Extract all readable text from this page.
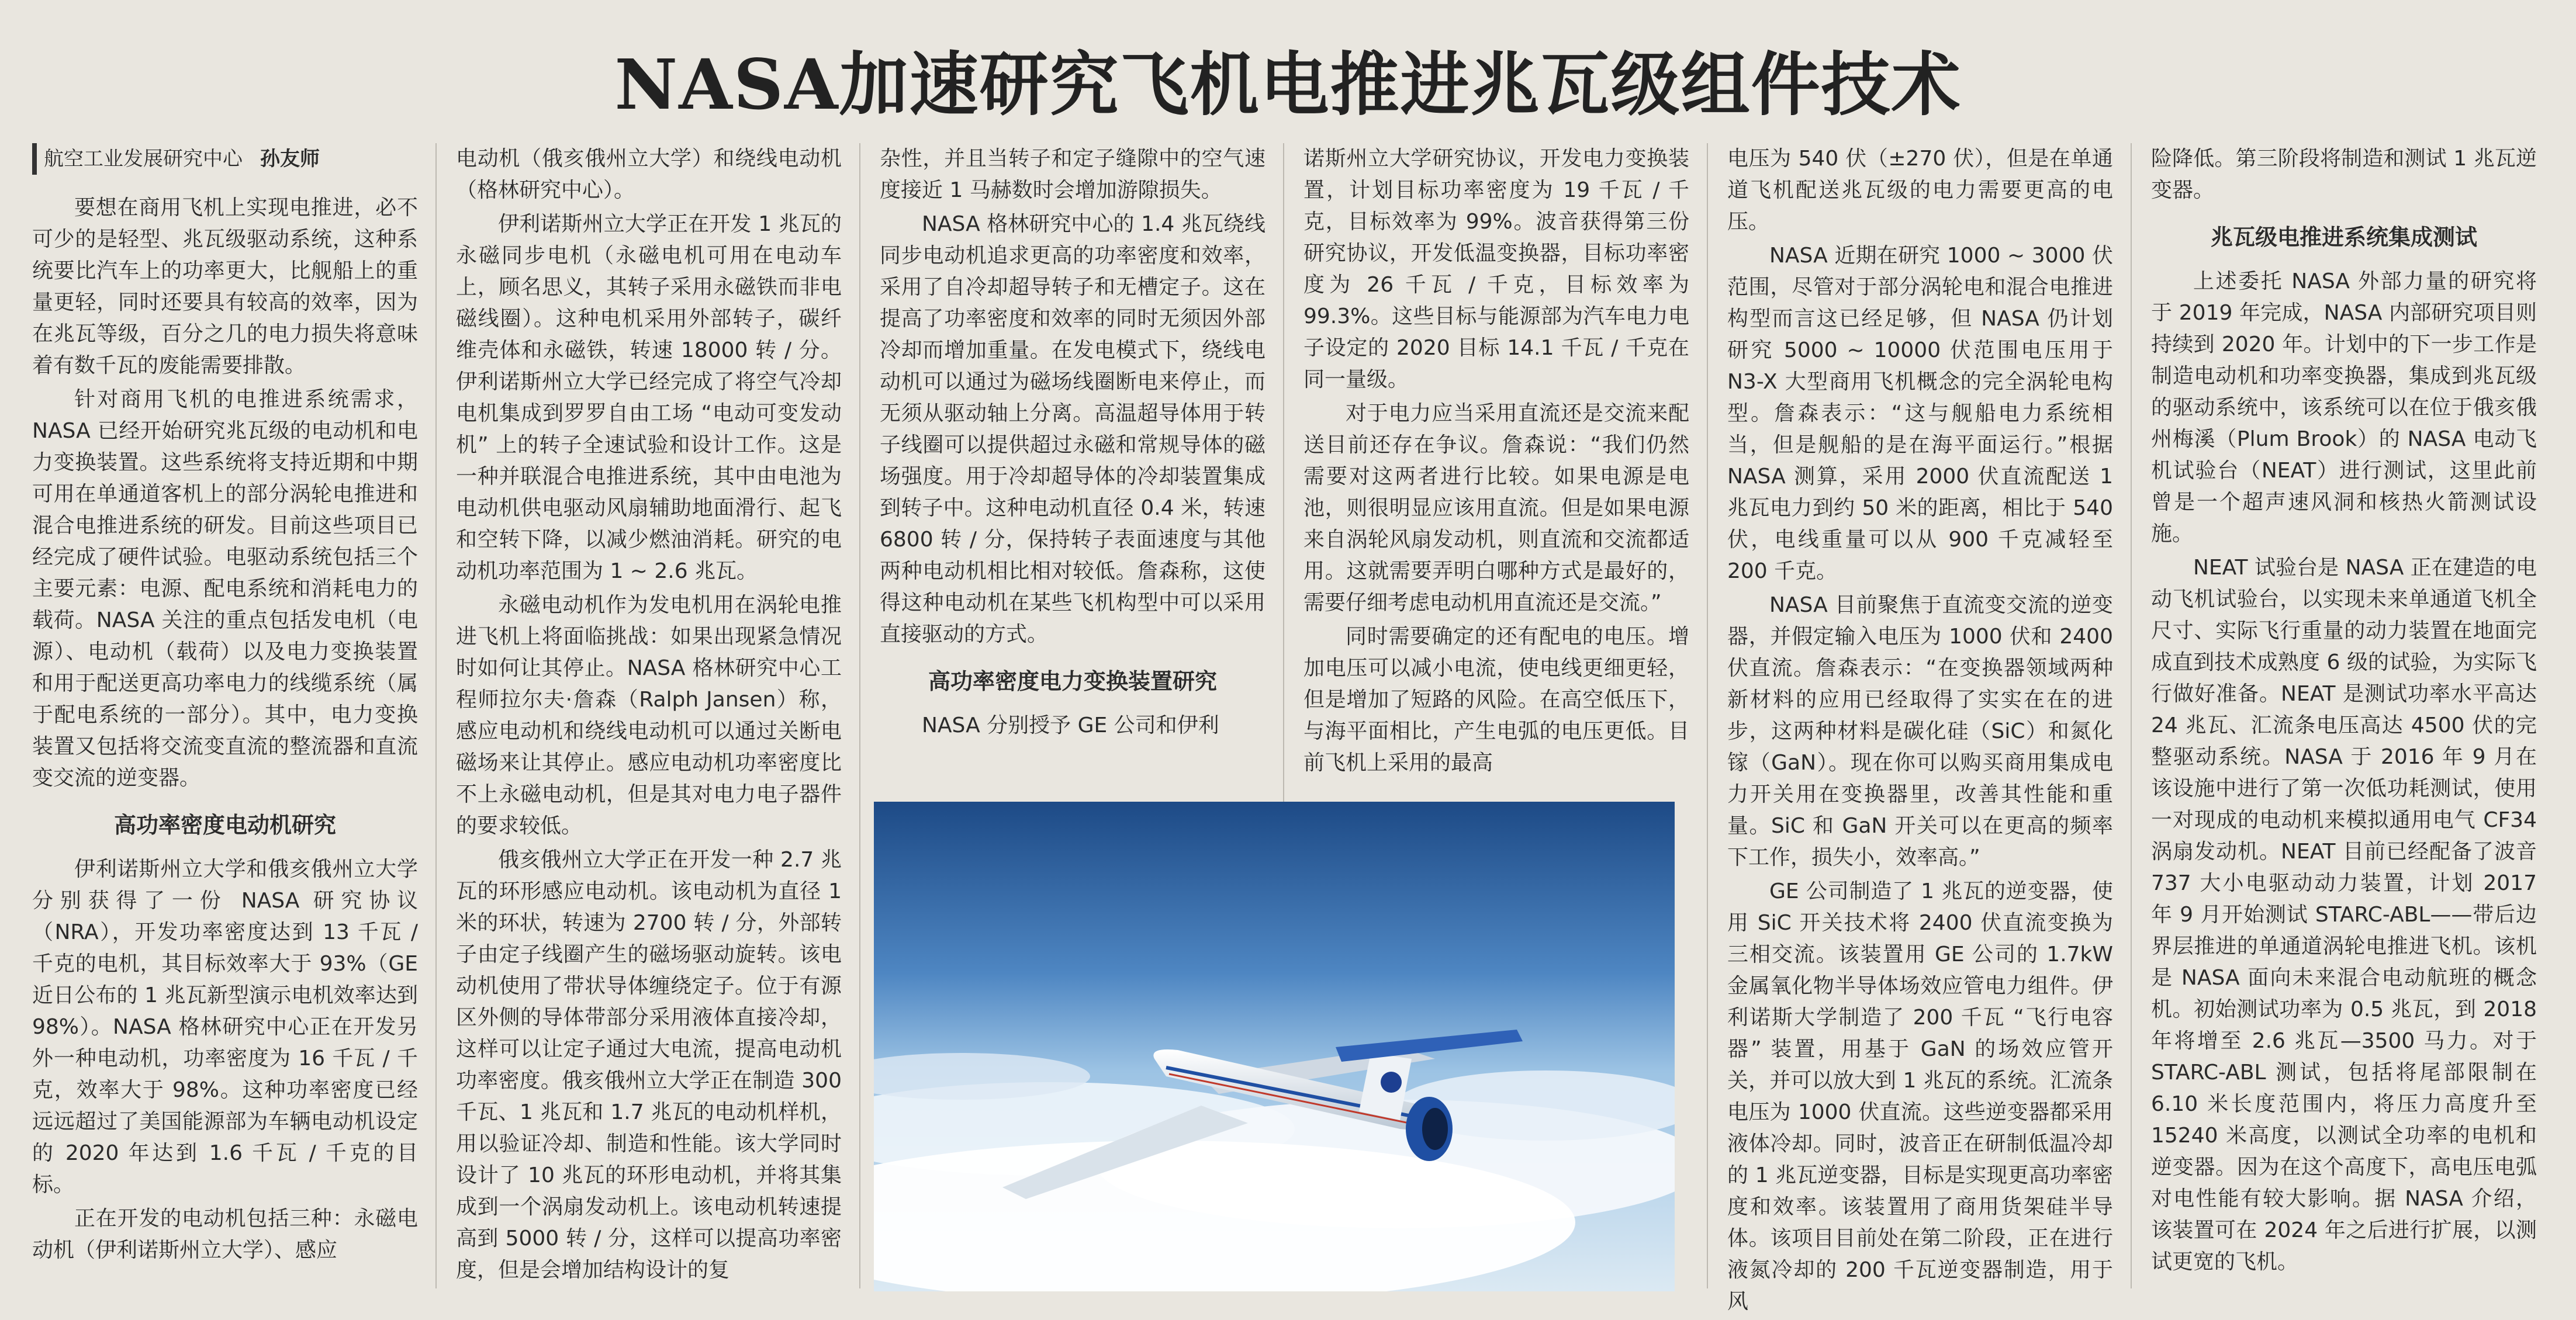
NASA加速研究飞机电推进兆瓦级组件技术
航空工业发展研究中心 孙友师

要想在商用飞机上实现电推进，必不可少的是轻型、兆瓦级驱动系统，这种系统要比汽车上的功率更大，比舰船上的重量更轻，同时还要具有较高的效率，因为在兆瓦等级，百分之几的电力损失将意味着有数千瓦的废能需要排散。

针对商用飞机的电推进系统需求，NASA 已经开始研究兆瓦级的电动机和电力变换装置。这些系统将支持近期和中期可用在单通道客机上的部分涡轮电推进和混合电推进系统的研发。目前这些项目已经完成了硬件试验。电驱动系统包括三个主要元素：电源、配电系统和消耗电力的载荷。NASA 关注的重点包括发电机（电源）、电动机（载荷）以及电力变换装置和用于配送更高功率电力的线缆系统（属于配电系统的一部分）。其中，电力变换装置又包括将交流变直流的整流器和直流变交流的逆变器。

高功率密度电动机研究

伊利诺斯州立大学和俄亥俄州立大学分别获得了一份 NASA 研究协议（NRA），开发功率密度达到 13 千瓦 / 千克的电机，其目标效率大于 93%（GE 近日公布的 1 兆瓦新型演示电机效率达到 98%）。NASA 格林研究中心正在开发另外一种电动机，功率密度为 16 千瓦 / 千克，效率大于 98%。这种功率密度已经远远超过了美国能源部为车辆电动机设定的 2020 年达到 1.6 千瓦 / 千克的目标。

正在开发的电动机包括三种：永磁电动机（伊利诺斯州立大学）、感应

电动机（俄亥俄州立大学）和绕线电动机（格林研究中心）。

伊利诺斯州立大学正在开发 1 兆瓦的永磁同步电机（永磁电机可用在电动车上，顾名思义，其转子采用永磁铁而非电磁线圈）。这种电机采用外部转子，碳纤维壳体和永磁铁，转速 18000 转 / 分。伊利诺斯州立大学已经完成了将空气冷却电机集成到罗罗自由工场 “电动可变发动机” 上的转子全速试验和设计工作。这是一种并联混合电推进系统，其中由电池为电动机供电驱动风扇辅助地面滑行、起飞和空转下降，以减少燃油消耗。研究的电动机功率范围为 1 ~ 2.6 兆瓦。

永磁电动机作为发电机用在涡轮电推进飞机上将面临挑战：如果出现紧急情况时如何让其停止。NASA 格林研究中心工程师拉尔夫·詹森（Ralph Jansen）称，感应电动机和绕线电动机可以通过关断电磁场来让其停止。感应电动机功率密度比不上永磁电动机，但是其对电力电子器件的要求较低。

俄亥俄州立大学正在开发一种 2.7 兆瓦的环形感应电动机。该电动机为直径 1 米的环状，转速为 2700 转 / 分，外部转子由定子线圈产生的磁场驱动旋转。该电动机使用了带状导体缠绕定子。位于有源区外侧的导体带部分采用液体直接冷却，这样可以让定子通过大电流，提高电动机功率密度。俄亥俄州立大学正在制造 300 千瓦、1 兆瓦和 1.7 兆瓦的电动机样机，用以验证冷却、制造和性能。该大学同时设计了 10 兆瓦的环形电动机，并将其集成到一个涡扇发动机上。该电动机转速提高到 5000 转 / 分，这样可以提高功率密度，但是会增加结构设计的复

杂性，并且当转子和定子缝隙中的空气速度接近 1 马赫数时会增加游隙损失。

NASA 格林研究中心的 1.4 兆瓦绕线同步电动机追求更高的功率密度和效率，采用了自冷却超导转子和无槽定子。这在提高了功率密度和效率的同时无须因外部冷却而增加重量。在发电模式下，绕线电动机可以通过为磁场线圈断电来停止，而无须从驱动轴上分离。高温超导体用于转子线圈可以提供超过永磁和常规导体的磁场强度。用于冷却超导体的冷却装置集成到转子中。这种电动机直径 0.4 米，转速 6800 转 / 分，保持转子表面速度与其他两种电动机相比相对较低。詹森称，这使得这种电动机在某些飞机构型中可以采用直接驱动的方式。

高功率密度电力变换装置研究

NASA 分别授予 GE 公司和伊利

诺斯州立大学研究协议，开发电力变换装置，计划目标功率密度为 19 千瓦 / 千克，目标效率为 99%。波音获得第三份研究协议，开发低温变换器，目标功率密度为 26 千瓦 / 千克，目标效率为 99.3%。这些目标与能源部为汽车电力电子设定的 2020 目标 14.1 千瓦 / 千克在同一量级。

对于电力应当采用直流还是交流来配送目前还存在争议。詹森说：“我们仍然需要对这两者进行比较。如果电源是电池，则很明显应该用直流。但是如果电源来自涡轮风扇发动机，则直流和交流都适用。这就需要弄明白哪种方式是最好的，需要仔细考虑电动机用直流还是交流。”

同时需要确定的还有配电的电压。增加电压可以减小电流，使电线更细更轻，但是增加了短路的风险。在高空低压下，与海平面相比，产生电弧的电压更低。目前飞机上采用的最高

电压为 540 伏（±270 伏），但是在单通道飞机配送兆瓦级的电力需要更高的电压。

NASA 近期在研究 1000 ~ 3000 伏范围，尽管对于部分涡轮电和混合电推进构型而言这已经足够，但 NASA 仍计划研究 5000 ~ 10000 伏范围电压用于 N3-X 大型商用飞机概念的完全涡轮电构型。詹森表示：“这与舰船电力系统相当，但是舰船的是在海平面运行。”根据 NASA 测算，采用 2000 伏直流配送 1 兆瓦电力到约 50 米的距离，相比于 540 伏，电线重量可以从 900 千克减轻至 200 千克。

NASA 目前聚焦于直流变交流的逆变器，并假定输入电压为 1000 伏和 2400 伏直流。詹森表示：“在变换器领域两种新材料的应用已经取得了实实在在的进步，这两种材料是碳化硅（SiC）和氮化镓（GaN）。现在你可以购买商用集成电力开关用在变换器里，改善其性能和重量。SiC 和 GaN 开关可以在更高的频率下工作，损失小，效率高。”

GE 公司制造了 1 兆瓦的逆变器，使用 SiC 开关技术将 2400 伏直流变换为三相交流。该装置用 GE 公司的 1.7kW 金属氧化物半导体场效应管电力组件。伊利诺斯大学制造了 200 千瓦 “飞行电容器” 装置，用基于 GaN 的场效应管开关，并可以放大到 1 兆瓦的系统。汇流条电压为 1000 伏直流。这些逆变器都采用液体冷却。同时，波音正在研制低温冷却的 1 兆瓦逆变器，目标是实现更高功率密度和效率。该装置用了商用货架硅半导体。该项目目前处在第二阶段，正在进行液氮冷却的 200 千瓦逆变器制造，用于风

险降低。第三阶段将制造和测试 1 兆瓦逆变器。

兆瓦级电推进系统集成测试

上述委托 NASA 外部力量的研究将于 2019 年完成，NASA 内部研究项目则持续到 2020 年。计划中的下一步工作是制造电动机和功率变换器，集成到兆瓦级的驱动系统中，该系统可以在位于俄亥俄州梅溪（Plum Brook）的 NASA 电动飞机试验台（NEAT）进行测试，这里此前曾是一个超声速风洞和核热火箭测试设施。

NEAT 试验台是 NASA 正在建造的电动飞机试验台，以实现未来单通道飞机全尺寸、实际飞行重量的动力装置在地面完成直到技术成熟度 6 级的试验，为实际飞行做好准备。NEAT 是测试功率水平高达 24 兆瓦、汇流条电压高达 4500 伏的完整驱动系统。NASA 于 2016 年 9 月在该设施中进行了第一次低功耗测试，使用一对现成的电动机来模拟通用电气 CF34 涡扇发动机。NEAT 目前已经配备了波音 737 大小电驱动动力装置，计划 2017 年 9 月开始测试 STARC-ABL——带后边界层推进的单通道涡轮电推进飞机。该机是 NASA 面向未来混合电动航班的概念机。初始测试功率为 0.5 兆瓦，到 2018 年将增至 2.6 兆瓦—3500 马力。对于 STARC-ABL 测试，包括将尾部限制在 6.10 米长度范围内，将压力高度升至 15240 米高度，以测试全功率的电机和逆变器。因为在这个高度下，高电压电弧对电性能有较大影响。据 NASA 介绍，该装置可在 2024 年之后进行扩展，以测试更宽的飞机。
